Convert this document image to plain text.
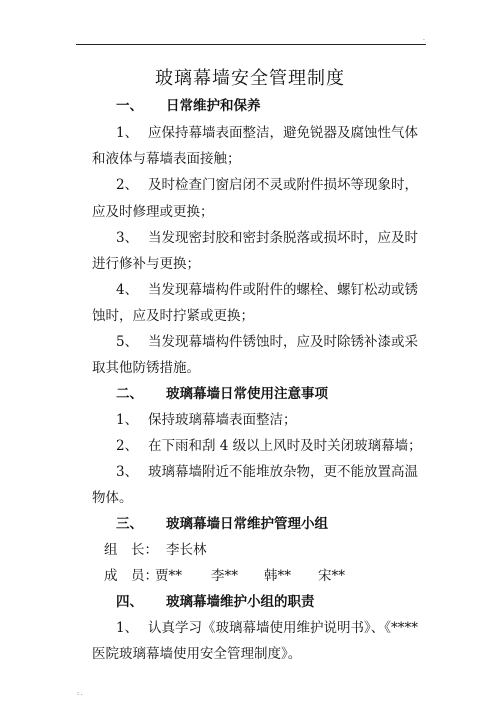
.
玻璃幕墙安全管理制度
一、 日常维护和保养
1、 应保持幕墙表面整洁，避免锐器及腐蚀性气体
和液体与幕墙表面接触；
2、 及时检查门窗启闭不灵或附件损坏等现象时，
应及时修理或更换；
3、 当发现密封胶和密封条脱落或损坏时，应及时
进行修补与更换；
4、 当发现幕墙构件或附件的螺栓、螺钉松动或锈
蚀时，应及时拧紧或更换；
5、 当发现幕墙构件锈蚀时，应及时除锈补漆或采
取其他防锈措施。
二、 玻璃幕墙日常使用注意事项
1、 保持玻璃幕墙表面整洁；
2、 在下雨和刮 4 级以上风时及时关闭玻璃幕墙；
3、 玻璃幕墙附近不能堆放杂物，更不能放置高温
物体。
三、 玻璃幕墙日常维护管理小组
组　长： 李长林
成　员：
贾** 李** 韩** 宋**
四、 玻璃幕墙维护小组的职责
1、 认真学习《玻璃幕墙使用维护说明书》、《****
医院玻璃幕墙使用安全管理制度》。
: .
